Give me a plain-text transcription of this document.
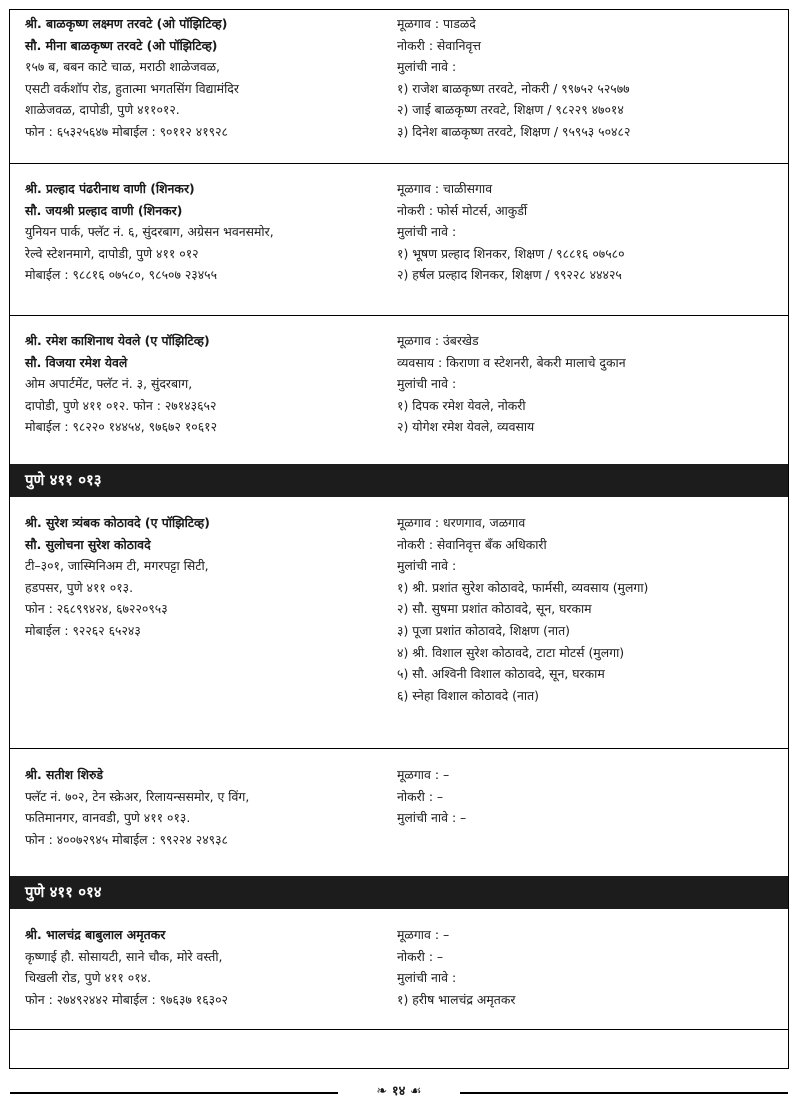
श्री. बाळकृष्ण लक्ष्मण तरवटे (ओ पॉझिटिव्ह)
सौ. मीना बाळकृष्ण तरवटे (ओ पॉझिटिव्ह)
१५७ ब, बबन काटे चाळ, मराठी शाळेजवळ,
एसटी वर्कशॉप रोड, हुतात्मा भगतसिंग विद्यामंदिर
शाळेजवळ, दापोडी, पुणे ४११०१२.
फोन : ६५३२५६४७ मोबाईल : ९०११२ ४१९२८
मूळगाव : पाडळदे
नोकरी : सेवानिवृत्त
मुलांची नावे :
१) राजेश बाळकृष्ण तरवटे, नोकरी / ९९७५२ ५२५७७
२) जाई बाळकृष्ण तरवटे, शिक्षण / ९८२२९ ४७०१४
३) दिनेश बाळकृष्ण तरवटे, शिक्षण / ९५९५३ ५०४८२
श्री. प्रल्हाद पंढरीनाथ वाणी (शिनकर)
सौ. जयश्री प्रल्हाद वाणी (शिनकर)
युनियन पार्क, फ्लॅट नं. ६, सुंदरबाग, अग्रेसन भवनसमोर,
रेल्वे स्टेशनमागे, दापोडी, पुणे ४११ ०१२
मोबाईल : ९८८१६ ०७५८०, ९८५०७ २३४५५
मूळगाव : चाळीसगाव
नोकरी : फोर्स मोटर्स, आकुर्डी
मुलांची नावे :
१) भूषण प्रल्हाद शिनकर, शिक्षण / ९८८१६ ०७५८०
२) हर्षल प्रल्हाद शिनकर, शिक्षण / ९९२२८ ४४४२५
श्री. रमेश काशिनाथ येवले (ए पॉझिटिव्ह)
सौ. विजया रमेश येवले
ओम अपार्टमेंट, फ्लॅट नं. ३, सुंदरबाग,
दापोडी, पुणे ४११ ०१२. फोन : २७१४३६५२
मोबाईल : ९८२२० १४४५४, ९७६७२ १०६१२
मूळगाव : उंबरखेड
व्यवसाय : किराणा व स्टेशनरी, बेकरी मालाचे दुकान
मुलांची नावे :
१) दिपक रमेश येवले, नोकरी
२) योगेश रमेश येवले, व्यवसाय
पुणे ४११ ०१३
श्री. सुरेश त्र्यंबक कोठावदे (ए पॉझिटिव्ह)
सौ. सुलोचना सुरेश कोठावदे
टी–३०१, जास्मिनिअम टी, मगरपट्टा सिटी,
हडपसर, पुणे ४११ ०१३.
फोन : २६८९९४२४, ६७२२०९५३
मोबाईल : ९२२६२ ६५२४३
मूळगाव : धरणगाव, जळगाव
नोकरी : सेवानिवृत्त बँक अधिकारी
मुलांची नावे :
१) श्री. प्रशांत सुरेश कोठावदे, फार्मसी, व्यवसाय (मुलगा)
२) सौ. सुषमा प्रशांत कोठावदे, सून, घरकाम
३) पूजा प्रशांत कोठावदे, शिक्षण (नात)
४) श्री. विशाल सुरेश कोठावदे, टाटा मोटर्स (मुलगा)
५) सौ. अश्विनी विशाल कोठावदे, सून, घरकाम
६) स्नेहा विशाल कोठावदे (नात)
श्री. सतीश शिरुडे
फ्लॅट नं. ७०२, टेन स्क्रेअर, रिलायन्ससमोर, ए विंग,
फतिमानगर, वानवडी, पुणे ४११ ०१३.
फोन : ४००७२९४५ मोबाईल : ९९२२४ २४९३८
मूळगाव : –
नोकरी : –
मुलांची नावे : –
पुणे ४११ ०१४
श्री. भालचंद्र बाबुलाल अमृतकर
कृष्णाई हौ. सोसायटी, साने चौक, मोरे वस्ती,
चिखली रोड, पुणे ४११ ०१४.
फोन : २७४९२४४२ मोबाईल : ९७६३७ १६३०२
मूळगाव : –
नोकरी : –
मुलांची नावे :
१) हरीष भालचंद्र अमृतकर
❧ १४ ☙
